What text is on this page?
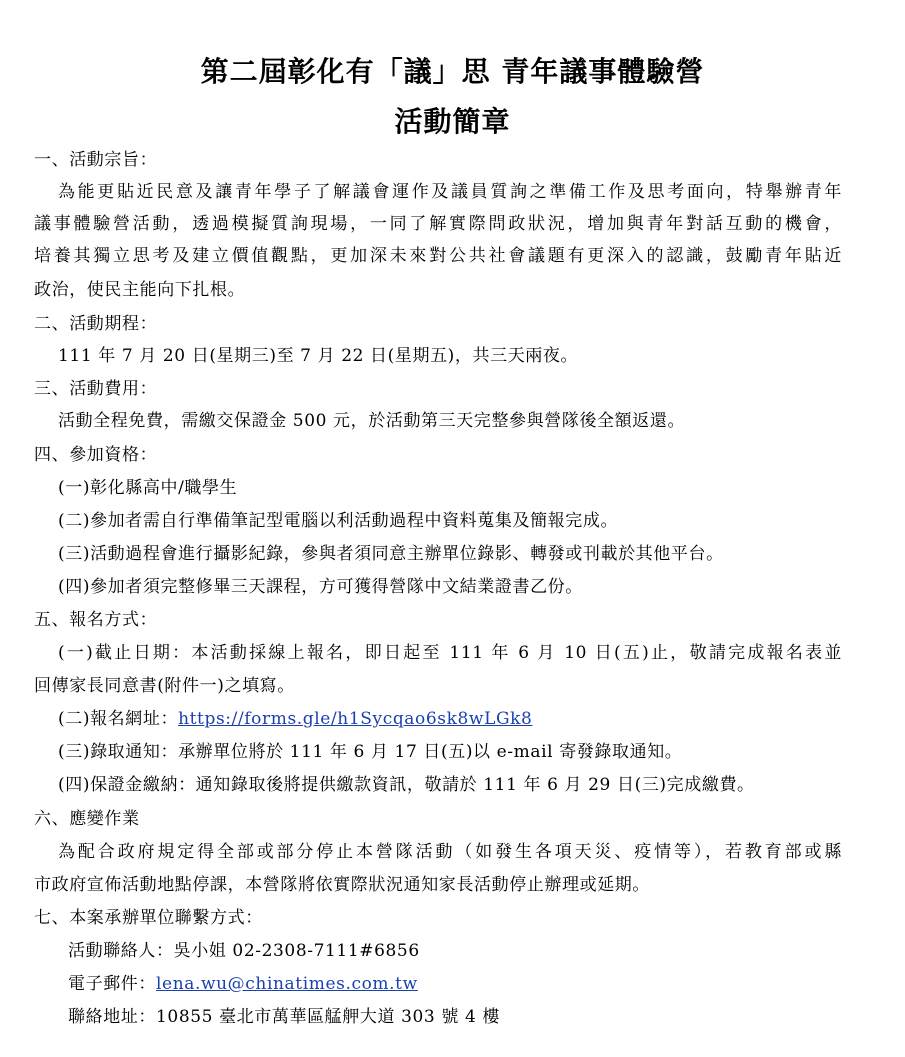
第二屆彰化有「議」思 青年議事體驗營
活動簡章
一、活動宗旨：
為能更貼近民意及讓青年學子了解議會運作及議員質詢之準備工作及思考面向，特舉辦青年
議事體驗營活動，透過模擬質詢現場，一同了解實際問政狀況，增加與青年對話互動的機會，
培養其獨立思考及建立價值觀點，更加深未來對公共社會議題有更深入的認識，鼓勵青年貼近
政治，使民主能向下扎根。
二、活動期程：
111 年 7 月 20 日(星期三)至 7 月 22 日(星期五)，共三天兩夜。
三、活動費用：
活動全程免費，需繳交保證金 500 元，於活動第三天完整參與營隊後全額返還。
四、參加資格：
(一)彰化縣高中/職學生
(二)參加者需自行準備筆記型電腦以利活動過程中資料蒐集及簡報完成。
(三)活動過程會進行攝影紀錄，參與者須同意主辦單位錄影、轉發或刊載於其他平台。
(四)參加者須完整修畢三天課程，方可獲得營隊中文結業證書乙份。
五、報名方式：
(一)截止日期：本活動採線上報名，即日起至 111 年 6 月 10 日(五)止，敬請完成報名表並
回傳家長同意書(附件一)之填寫。
(二)報名網址：https://forms.gle/h1Sycqao6sk8wLGk8
(三)錄取通知：承辦單位將於 111 年 6 月 17 日(五)以 e-mail 寄發錄取通知。
(四)保證金繳納：通知錄取後將提供繳款資訊，敬請於 111 年 6 月 29 日(三)完成繳費。
六、應變作業
為配合政府規定得全部或部分停止本營隊活動（如發生各項天災、疫情等），若教育部或縣
市政府宣佈活動地點停課，本營隊將依實際狀況通知家長活動停止辦理或延期。
七、本案承辦單位聯繫方式：
活動聯絡人：吳小姐 02-2308-7111#6856
電子郵件：lena.wu@chinatimes.com.tw
聯絡地址：10855 臺北市萬華區艋舺大道 303 號 4 樓
